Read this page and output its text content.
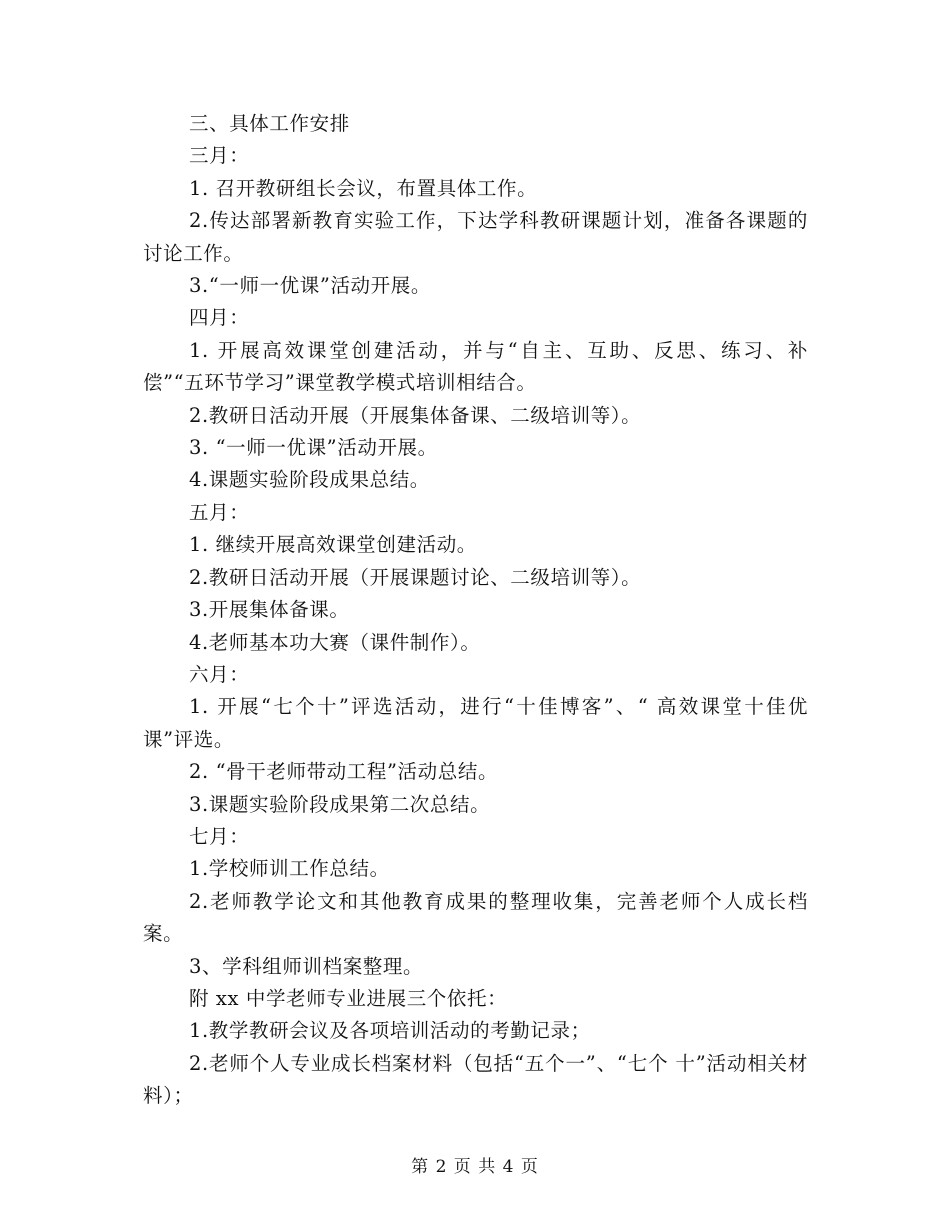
三、具体工作安排

三月：

1. 召开教研组长会议，布置具体工作。

2.传达部署新教育实验工作，下达学科教研课题计划，准备各课题的讨论工作。

3.“一师一优课”活动开展。

四月：

1. 开展高效课堂创建活动，并与“自主、互助、反思、练习、补偿”“五环节学习”课堂教学模式培训相结合。

2.教研日活动开展（开展集体备课、二级培训等）。

3. “一师一优课”活动开展。

4.课题实验阶段成果总结。

五月：

1. 继续开展高效课堂创建活动。

2.教研日活动开展（开展课题讨论、二级培训等）。

3.开展集体备课。

4.老师基本功大赛（课件制作）。

六月：

1. 开展“七个十”评选活动，进行“十佳博客”、“ 高效课堂十佳优课”评选。

2. “骨干老师带动工程”活动总结。

3.课题实验阶段成果第二次总结。

七月：

1.学校师训工作总结。

2.老师教学论文和其他教育成果的整理收集，完善老师个人成长档案。

3、学科组师训档案整理。

附 xx 中学老师专业进展三个依托：

1.教学教研会议及各项培训活动的考勤记录；

2.老师个人专业成长档案材料（包括“五个一”、“七个 十”活动相关材料）；

第 2 页 共 4 页
